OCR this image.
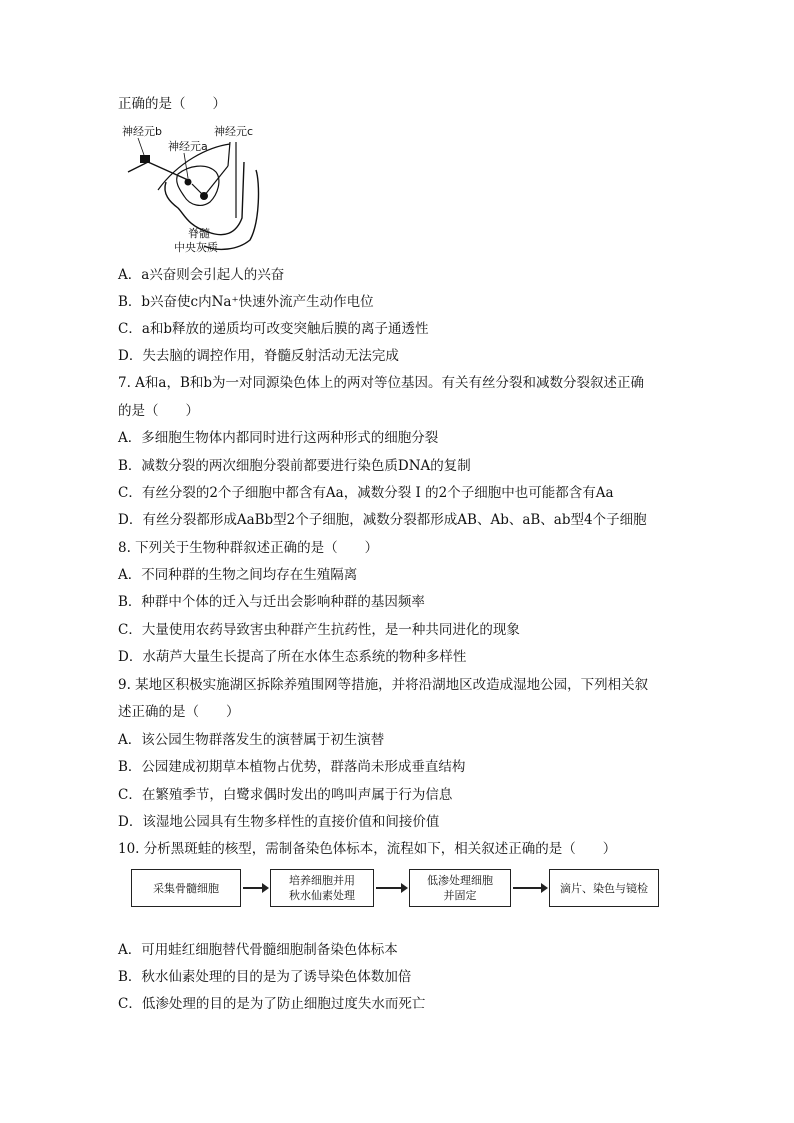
正确的是（　　）
神经元b	神经元c
神经元a
脊髓
中央灰质
A．a兴奋则会引起人的兴奋
B．b兴奋使c内Na⁺快速外流产生动作电位
C．a和b释放的递质均可改变突触后膜的离子通透性
D．失去脑的调控作用，脊髓反射活动无法完成
7. A和a，B和b为一对同源染色体上的两对等位基因。有关有丝分裂和减数分裂叙述正确
的是（　　）
A．多细胞生物体内都同时进行这两种形式的细胞分裂
B．减数分裂的两次细胞分裂前都要进行染色质DNA的复制
C．有丝分裂的2个子细胞中都含有Aa，减数分裂 Ⅰ 的2个子细胞中也可能都含有Aa
D．有丝分裂都形成AaBb型2个子细胞，减数分裂都形成AB、Ab、aB、ab型4个子细胞
8. 下列关于生物种群叙述正确的是（　　）
A．不同种群的生物之间均存在生殖隔离
B．种群中个体的迁入与迁出会影响种群的基因频率
C．大量使用农药导致害虫种群产生抗药性，是一种共同进化的现象
D．水葫芦大量生长提高了所在水体生态系统的物种多样性
9. 某地区积极实施湖区拆除养殖围网等措施，并将沿湖地区改造成湿地公园，下列相关叙
述正确的是（　　）
A．该公园生物群落发生的演替属于初生演替
B．公园建成初期草本植物占优势，群落尚未形成垂直结构
C．在繁殖季节，白鹭求偶时发出的鸣叫声属于行为信息
D．该湿地公园具有生物多样性的直接价值和间接价值
10. 分析黑斑蛙的核型，需制备染色体标本，流程如下，相关叙述正确的是（　　）
采集骨髓细胞
培养细胞并用
秋水仙素处理
低渗处理细胞
并固定
滴片、染色与镜检
A．可用蛙红细胞替代骨髓细胞制备染色体标本
B．秋水仙素处理的目的是为了诱导染色体数加倍
C．低渗处理的目的是为了防止细胞过度失水而死亡
